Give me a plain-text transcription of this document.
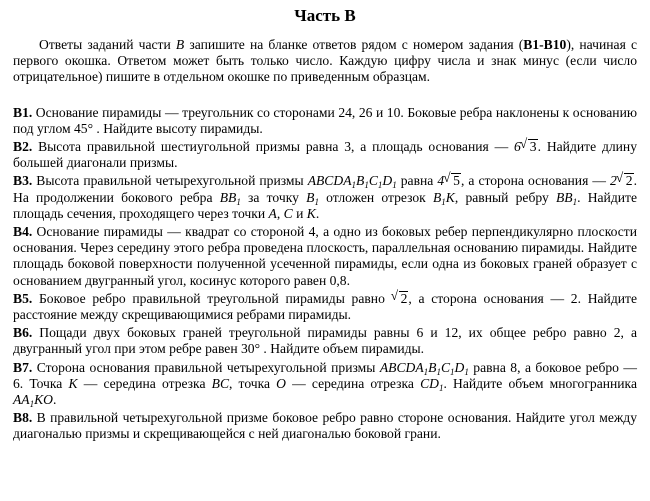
Часть B
Ответы заданий части B запишите на бланке ответов рядом с номером задания (B1-B10), начиная с первого окошка. Ответом может быть только число. Каждую цифру числа и знак минус (если число отрицательное) пишите в отдельном окошке по приведенным образцам.
B1. Основание пирамиды — треугольник со сторонами 24, 26 и 10. Боковые ребра наклонены к основанию под углом 45° . Найдите высоту пирамиды.
B2. Высота правильной шестиугольной призмы равна 3, а площадь основания — 6 √ 3. Найдите длину большей диагонали призмы.
B3. Высота правильной четырехугольной призмы $ABCDA_1B_1C_1D_1$ равна 4 √ 5, а сторона основания — 2 √ 2. На продолжении бокового ребра $BB_1$ за точку $B_1$ отложен отрезок $B_1K$, равный ребру $BB_1$. Найдите площадь сечения, проходящего через точки A, C и K.
B4. Основание пирамиды — квадрат со стороной 4, а одно из боковых ребер перпендикулярно плоскости основания. Через середину этого ребра проведена плоскость, параллельная основанию пирамиды. Найдите площадь боковой поверхности полученной усеченной пирамиды, если одна из боковых граней образует с основанием двугранный угол, косинус которого равен 0,8.
B5. Боковое ребро правильной треугольной пирамиды равно √ 2, а сторона основания — 2. Найдите расстояние между скрещивающимися ребрами пирамиды.
B6. Пощади двух боковых граней треугольной пирамиды равны 6 и 12, их общее ребро равно 2, а двугранный угол при этом ребре равен 30° . Найдите объем пирамиды.
B7. Сторона основания правильной четырехугольной призмы $ABCDA_1B_1C_1D_1$ равна 8, а боковое ребро — 6. Точка K — середина отрезка BC, точка O — середина отрезка $CD_1$. Найдите объем многогранника $AA_1KO$.
B8. В правильной четырехугольной призме боковое ребро равно стороне основания. Найдите угол между диагональю призмы и скрещивающейся с ней диагональю боковой грани.
